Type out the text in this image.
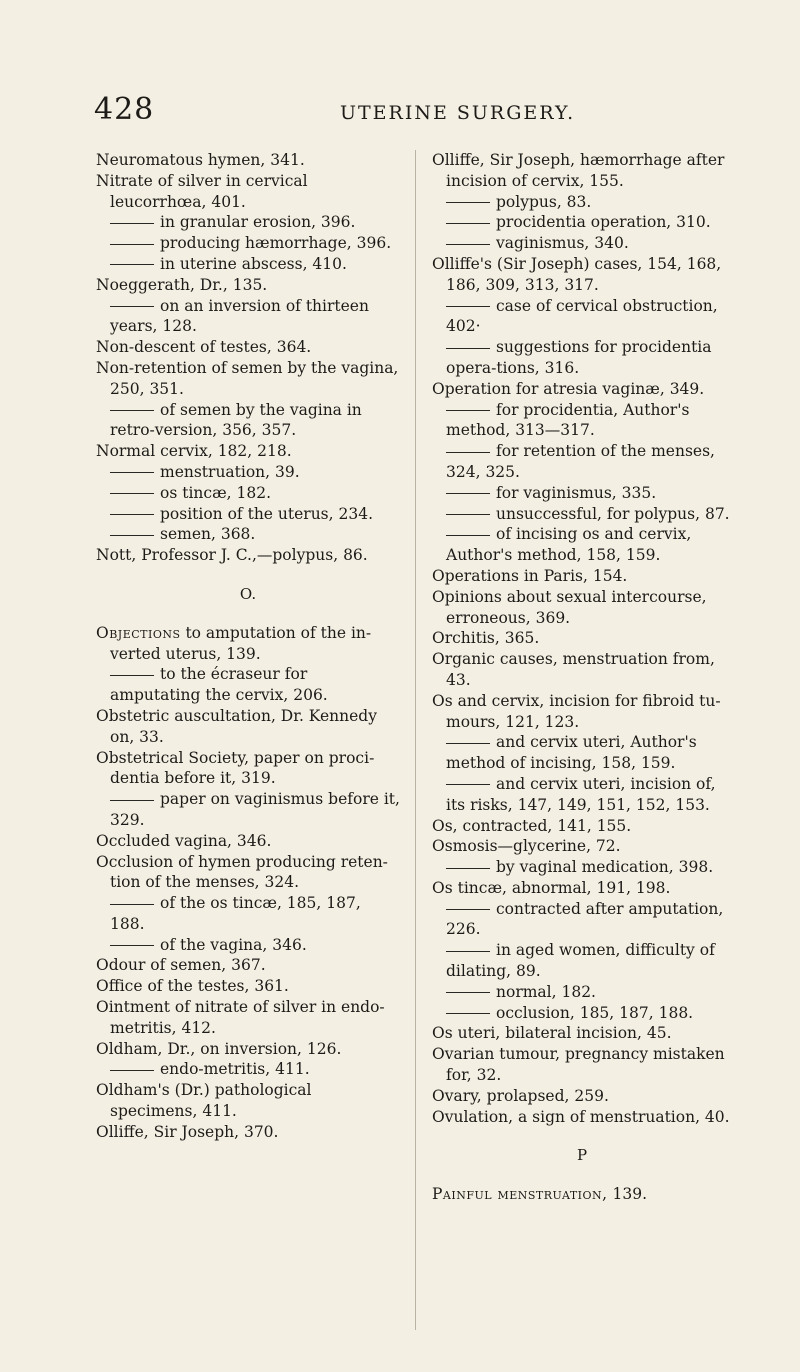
428	UTERINE SURGERY.

Neuromatous hymen, 341.

Nitrate of silver in cervical leucorrhœa, 401.

in granular erosion, 396.

producing hæmorrhage, 396.

in uterine abscess, 410.

Noeggerath, Dr., 135.

on an inversion of thirteen years, 128.

Non-descent of testes, 364.

Non-retention of semen by the vagina, 250, 351.

of semen by the vagina in retro-version, 356, 357.

Normal cervix, 182, 218.

menstruation, 39.

os tincæ, 182.

position of the uterus, 234.

semen, 368.

Nott, Professor J. C.,—polypus, 86.

O.

Objections to amputation of the in-verted uterus, 139.

to the écraseur for amputating the cervix, 206.

Obstetric auscultation, Dr. Kennedy on, 33.

Obstetrical Society, paper on proci-dentia before it, 319.

paper on vaginismus before it, 329.

Occluded vagina, 346.

Occlusion of hymen producing reten-tion of the menses, 324.

of the os tincæ, 185, 187, 188.

of the vagina, 346.

Odour of semen, 367.

Office of the testes, 361.

Ointment of nitrate of silver in endo-metritis, 412.

Oldham, Dr., on inversion, 126.

endo-metritis, 411.

Oldham's (Dr.) pathological specimens, 411.

Olliffe, Sir Joseph, 370.

Olliffe, Sir Joseph, hæmorrhage after incision of cervix, 155.

polypus, 83.

procidentia operation, 310.

vaginismus, 340.

Olliffe's (Sir Joseph) cases, 154, 168, 186, 309, 313, 317.

case of cervical obstruction, 402·

suggestions for procidentia opera-tions, 316.

Operation for atresia vaginæ, 349.

for procidentia, Author's method, 313—317.

for retention of the menses, 324, 325.

for vaginismus, 335.

unsuccessful, for polypus, 87.

of incising os and cervix, Author's method, 158, 159.

Operations in Paris, 154.

Opinions about sexual intercourse, erroneous, 369.

Orchitis, 365.

Organic causes, menstruation from, 43.

Os and cervix, incision for fibroid tu-mours, 121, 123.

and cervix uteri, Author's method of incising, 158, 159.

and cervix uteri, incision of, its risks, 147, 149, 151, 152, 153.

Os, contracted, 141, 155.

Osmosis—glycerine, 72.

by vaginal medication, 398.

Os tincæ, abnormal, 191, 198.

contracted after amputation, 226.

in aged women, difficulty of dilating, 89.

normal, 182.

occlusion, 185, 187, 188.

Os uteri, bilateral incision, 45.

Ovarian tumour, pregnancy mistaken for, 32.

Ovary, prolapsed, 259.

Ovulation, a sign of menstruation, 40.

P

Painful menstruation, 139.
